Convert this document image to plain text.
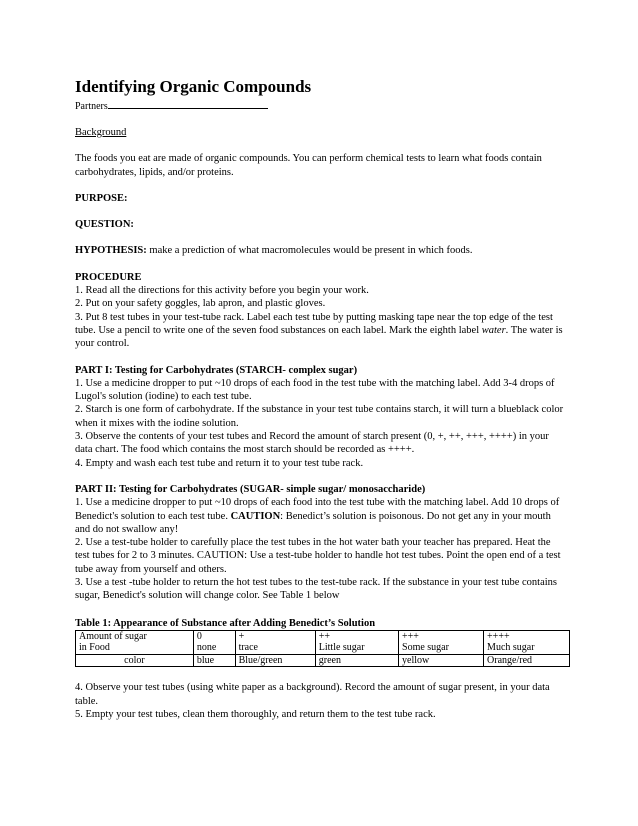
Identifying Organic Compounds
Partners

Background

The foods you eat are made of organic compounds. You can perform chemical tests to learn what foods contain carbohydrates, lipids, and/or proteins.

PURPOSE:

QUESTION:

HYPOTHESIS: make a prediction of what macromolecules would be present in which foods.

PROCEDURE

1. Read all the directions for this activity before you begin your work.

2. Put on your safety goggles, lab apron, and plastic gloves.

3. Put 8 test tubes in your test-tube rack. Label each test tube by putting masking tape near the top edge of the test tube. Use a pencil to write one of the seven food substances on each label. Mark the eighth label water. The water is your control.

PART I: Testing for Carbohydrates (STARCH- complex sugar)

1. Use a medicine dropper to put ~10 drops of each food in the test tube with the matching label. Add 3-4 drops of Lugol's solution (iodine) to each test tube.

2. Starch is one form of carbohydrate. If the substance in your test tube contains starch, it will turn a blueblack color when it mixes with the iodine solution.

3. Observe the contents of your test tubes and Record the amount of starch present (0, +, ++, +++, ++++) in your data chart. The food which contains the most starch should be recorded as ++++.

4. Empty and wash each test tube and return it to your test tube rack.

PART II: Testing for Carbohydrates (SUGAR- simple sugar/ monosaccharide)

1. Use a medicine dropper to put ~10 drops of each food into the test tube with the matching label. Add 10 drops of Benedict's solution to each test tube. CAUTION: Benedict’s solution is poisonous. Do not get any in your mouth and do not swallow any!

2. Use a test-tube holder to carefully place the test tubes in the hot water bath your teacher has prepared. Heat the test tubes for 2 to 3 minutes. CAUTION: Use a test-tube holder to handle hot test tubes. Point the open end of a test tube away from yourself and others.

3. Use a test -tube holder to return the hot test tubes to the test-tube rack. If the substance in your test tube contains sugar, Benedict's solution will change color. See Table 1 below

Table 1: Appearance of Substance after Adding Benedict’s Solution

Amount of sugar	0	+	++	+++	++++
in Food	none	trace	Little sugar	Some sugar	Much sugar
color	blue	Blue/green	green	yellow	Orange/red

4. Observe your test tubes (using white paper as a background). Record the amount of sugar present, in your data table.

5. Empty your test tubes, clean them thoroughly, and return them to the test tube rack.
